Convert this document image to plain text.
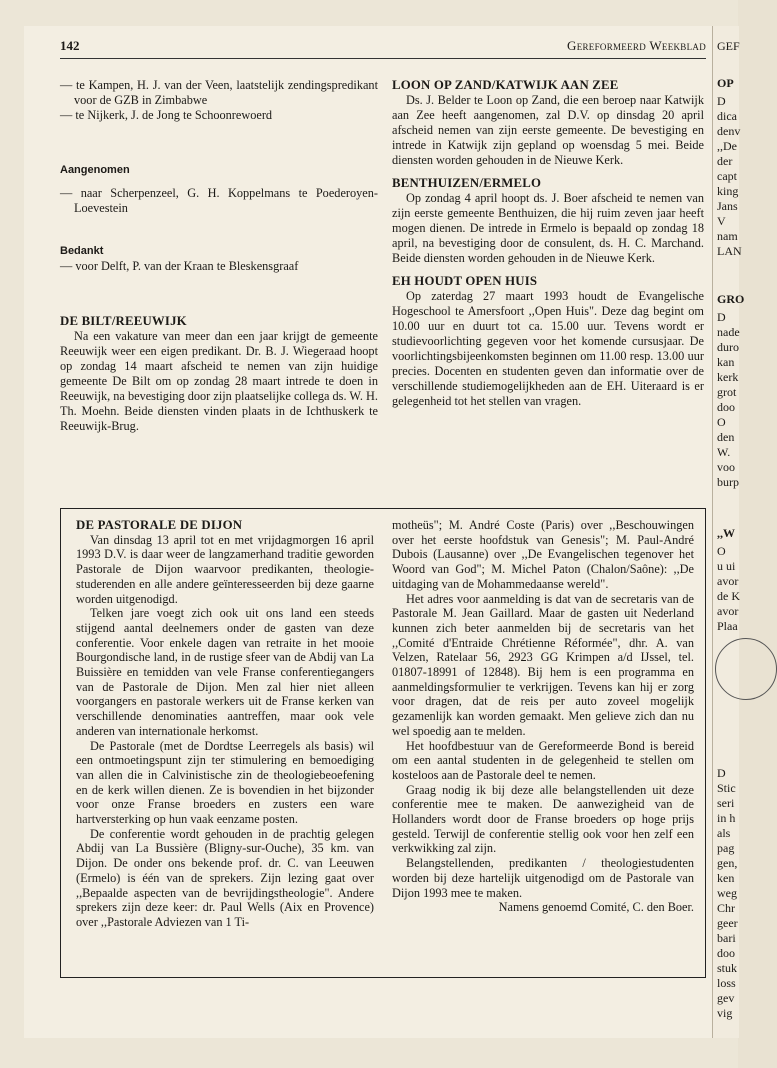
142	Gereformeerd Weekblad

— te Kampen, H. J. van der Veen, laatstelijk zendingspredikant voor de GZB in Zimbabwe

— te Nijkerk, J. de Jong te Schoonrewoerd

Aangenomen

— naar Scherpenzeel, G. H. Koppelmans te Poederoyen-Loevestein

Bedankt

— voor Delft, P. van der Kraan te Bleskensgraaf

DE BILT/REEUWIJK

Na een vakature van meer dan een jaar krijgt de gemeente Reeuwijk weer een eigen predikant. Dr. B. J. Wiegeraad hoopt op zondag 14 maart afscheid te nemen van zijn huidige gemeente De Bilt om op zondag 28 maart intrede te doen in Reeuwijk, na bevestiging door zijn plaatselijke collega ds. W. H. Th. Moehn. Beide diensten vinden plaats in de Ichthuskerk te Reeuwijk-Brug.

LOON OP ZAND/KATWIJK AAN ZEE

Ds. J. Belder te Loon op Zand, die een beroep naar Katwijk aan Zee heeft aangenomen, zal D.V. op dinsdag 20 april afscheid nemen van zijn eerste gemeente. De bevestiging en intrede in Katwijk zijn gepland op woensdag 5 mei. Beide diensten worden gehouden in de Nieuwe Kerk.

BENTHUIZEN/ERMELO

Op zondag 4 april hoopt ds. J. Boer afscheid te nemen van zijn eerste gemeente Benthuizen, die hij ruim zeven jaar heeft mogen dienen. De intrede in Ermelo is bepaald op zondag 18 april, na bevestiging door de consulent, ds. H. C. Marchand. Beide diensten worden gehouden in de Nieuwe Kerk.

EH HOUDT OPEN HUIS

Op zaterdag 27 maart 1993 houdt de Evangelische Hogeschool te Amersfoort ,,Open Huis". Deze dag begint om 10.00 uur en duurt tot ca. 15.00 uur. Tevens wordt er studievoorlichting gegeven voor het komende cursusjaar. De voorlichtingsbijeenkomsten beginnen om 11.00 resp. 13.00 uur precies. Docenten en studenten geven dan informatie over de verschillende studiemogelijkheden aan de EH. Uiteraard is er gelegenheid tot het stellen van vragen.

DE PASTORALE DE DIJON

Van dinsdag 13 april tot en met vrijdagmorgen 16 april 1993 D.V. is daar weer de langzamerhand traditie geworden Pastorale de Dijon waarvoor predikanten, theologie-studerenden en alle andere geïnteresseerden bij deze gaarne worden uitgenodigd.

Telken jare voegt zich ook uit ons land een steeds stijgend aantal deelnemers onder de gasten van deze conferentie. Voor enkele dagen van retraite in het mooie Bourgondische land, in de rustige sfeer van de Abdij van La Buissière en temidden van vele Franse conferentiegangers van de Pastorale de Dijon. Men zal hier niet alleen voorgangers en pastorale werkers uit de Franse kerken van verschillende denominaties aantreffen, maar ook vele anderen van internationale herkomst.

De Pastorale (met de Dordtse Leerregels als basis) wil een ontmoetingspunt zijn ter stimulering en bemoediging van allen die in Calvinistische zin de theologiebeoefening en de kerk willen dienen. Ze is bovendien in het bijzonder voor onze Franse broeders en zusters een ware hartversterking op hun vaak eenzame posten.

De conferentie wordt gehouden in de prachtig gelegen Abdij van La Bussière (Bligny-sur-Ouche), 35 km. van Dijon. De onder ons bekende prof. dr. C. van Leeuwen (Ermelo) is één van de sprekers. Zijn lezing gaat over ,,Bepaalde aspecten van de bevrijdingstheologie". Andere sprekers zijn deze keer: dr. Paul Wells (Aix en Provence) over ,,Pastorale Adviezen van 1 Ti-

motheüs"; M. André Coste (Paris) over ,,Beschouwingen over het eerste hoofdstuk van Genesis"; M. Paul-André Dubois (Lausanne) over ,,De Evangelischen tegenover het Woord van God"; M. Michel Paton (Chalon/Saône): ,,De uitdaging van de Mohammedaanse wereld".

Het adres voor aanmelding is dat van de secretaris van de Pastorale M. Jean Gaillard. Maar de gasten uit Nederland kunnen zich beter aanmelden bij de secretaris van het ,,Comité d'Entraide Chrétienne Réformée", dhr. A. van Velzen, Ratelaar 56, 2923 GG Krimpen a/d IJssel, tel. 01807-18991 of 12848). Bij hem is een programma en aanmeldingsformulier te verkrijgen. Tevens kan hij er zorg voor dragen, dat de reis per auto zoveel mogelijk gezamenlijk kan worden gemaakt. Men gelieve zich dan nu wel spoedig aan te melden.

Het hoofdbestuur van de Gereformeerde Bond is bereid om een aantal studenten in de gelegenheid te stellen om kosteloos aan de Pastorale deel te nemen.

Graag nodig ik bij deze alle belangstellenden uit deze conferentie mee te maken. De aanwezigheid van de Hollanders wordt door de Franse broeders op hoge prijs gesteld. Terwijl de conferentie stellig ook voor hen zelf een verkwikking zal zijn.

Belangstellenden, predikanten / theologiestudenten worden bij deze hartelijk uitgenodigd om de Pastorale van Dijon 1993 mee te maken.

Namens genoemd Comité, C. den Boer.

GEF
OP
D
dica
denv
,,De
der
capt
king
Jans
V
nam
LAN
GRO
D
nade
duro
kan
kerk
grot
doo
O
den
W.
voo
burp
,,W
O
u ui
avor
de K
avor
Plaa
D
Stic
seri
in h
als
pag
gen,
ken
weg
Chr
geer
bari
doo
stuk
loss
gev
vig
